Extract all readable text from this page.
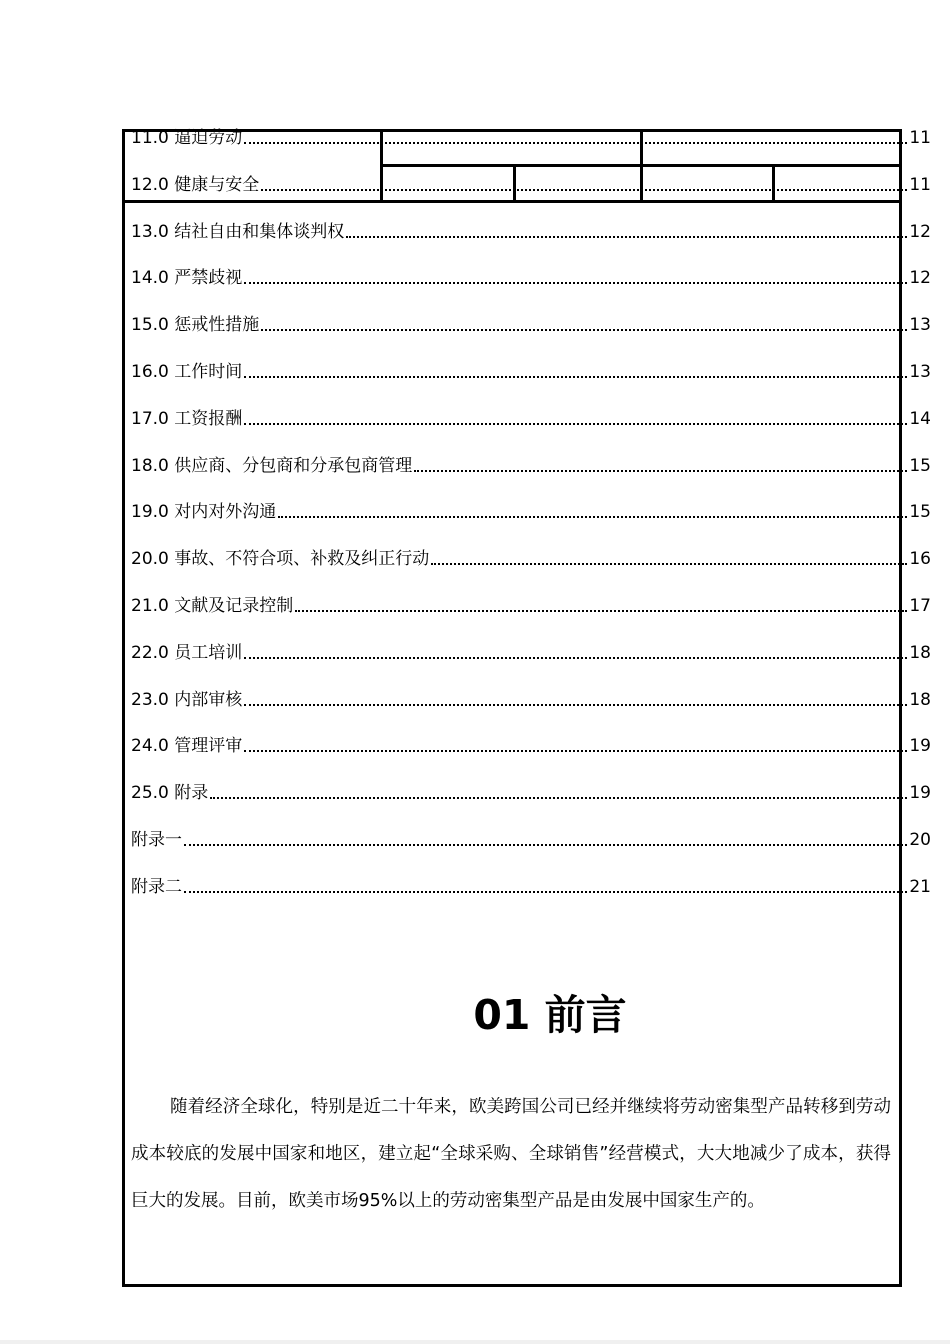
11.0 逼迫劳动	11
12.0 健康与安全	11
13.0 结社自由和集体谈判权	12
14.0 严禁歧视	12
15.0 惩戒性措施	13
16.0 工作时间	13
17.0 工资报酬	14
18.0 供应商、分包商和分承包商管理	15
19.0 对内对外沟通	15
20.0 事故、不符合项、补救及纠正行动	16
21.0 文献及记录控制	17
22.0 员工培训	18
23.0 内部审核	18
24.0 管理评审	19
25.0 附录	19
附录一	20
附录二	21
01 前言
随着经济全球化，特别是近二十年来，欧美跨国公司已经并继续将劳动密集型产品转移到劳动成本较底的发展中国家和地区，建立起“全球采购、全球销售”经营模式，大大地减少了成本，获得巨大的发展。目前，欧美市场95%以上的劳动密集型产品是由发展中国家生产的。
